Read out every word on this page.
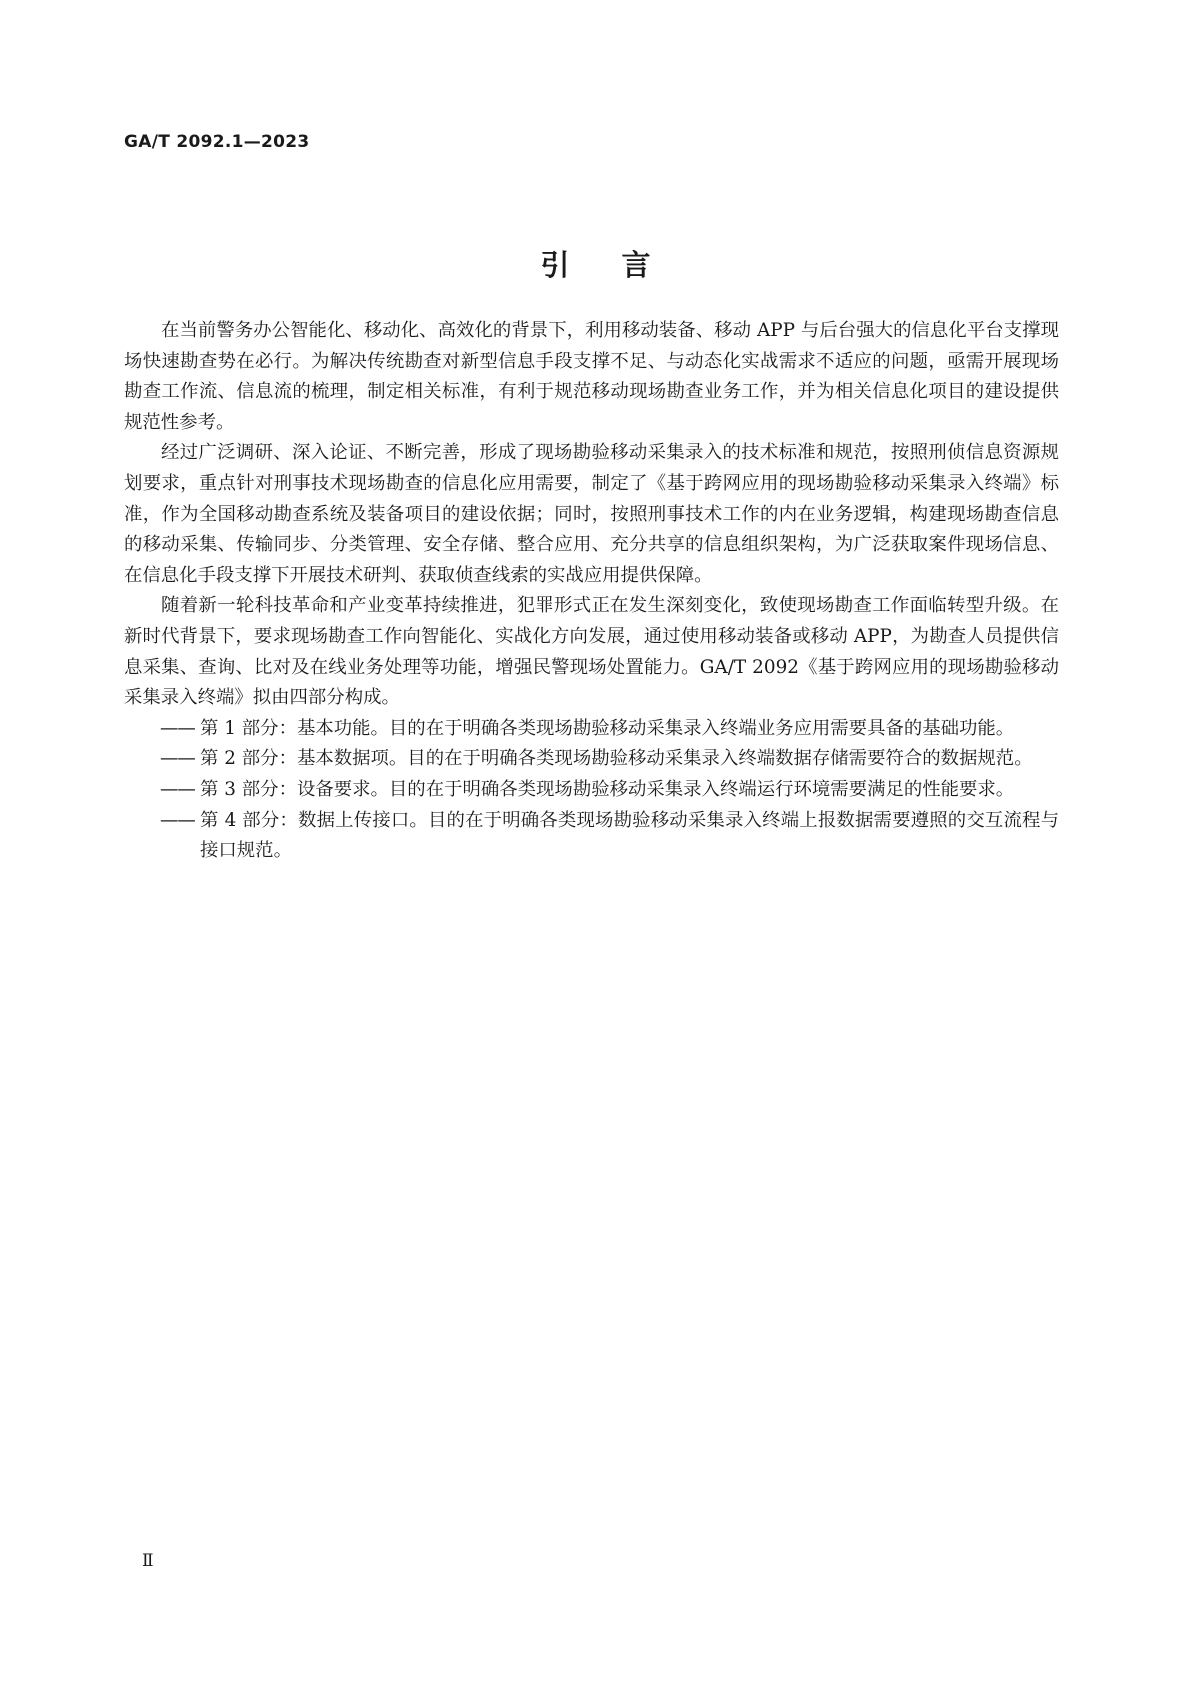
GA/T 2092.1—2023
引言

在当前警务办公智能化、移动化、高效化的背景下，利用移动装备、移动 APP 与后台强大的信息化平台支撑现场快速勘查势在必行。为解决传统勘查对新型信息手段支撑不足、与动态化实战需求不适应的问题，亟需开展现场勘查工作流、信息流的梳理，制定相关标准，有利于规范移动现场勘查业务工作，并为相关信息化项目的建设提供规范性参考。

经过广泛调研、深入论证、不断完善，形成了现场勘验移动采集录入的技术标准和规范，按照刑侦信息资源规划要求，重点针对刑事技术现场勘查的信息化应用需要，制定了《基于跨网应用的现场勘验移动采集录入终端》标准，作为全国移动勘查系统及装备项目的建设依据；同时，按照刑事技术工作的内在业务逻辑，构建现场勘查信息的移动采集、传输同步、分类管理、安全存储、整合应用、充分共享的信息组织架构，为广泛获取案件现场信息、在信息化手段支撑下开展技术研判、获取侦查线索的实战应用提供保障。

随着新一轮科技革命和产业变革持续推进，犯罪形式正在发生深刻变化，致使现场勘查工作面临转型升级。在新时代背景下，要求现场勘查工作向智能化、实战化方向发展，通过使用移动装备或移动 APP，为勘查人员提供信息采集、查询、比对及在线业务处理等功能，增强民警现场处置能力。GA/T 2092《基于跨网应用的现场勘验移动采集录入终端》拟由四部分构成。

—— 第 1 部分：基本功能。目的在于明确各类现场勘验移动采集录入终端业务应用需要具备的基础功能。
—— 第 2 部分：基本数据项。目的在于明确各类现场勘验移动采集录入终端数据存储需要符合的数据规范。
—— 第 3 部分：设备要求。目的在于明确各类现场勘验移动采集录入终端运行环境需要满足的性能要求。
—— 第 4 部分：数据上传接口。目的在于明确各类现场勘验移动采集录入终端上报数据需要遵照的交互流程与接口规范。
Ⅱ
